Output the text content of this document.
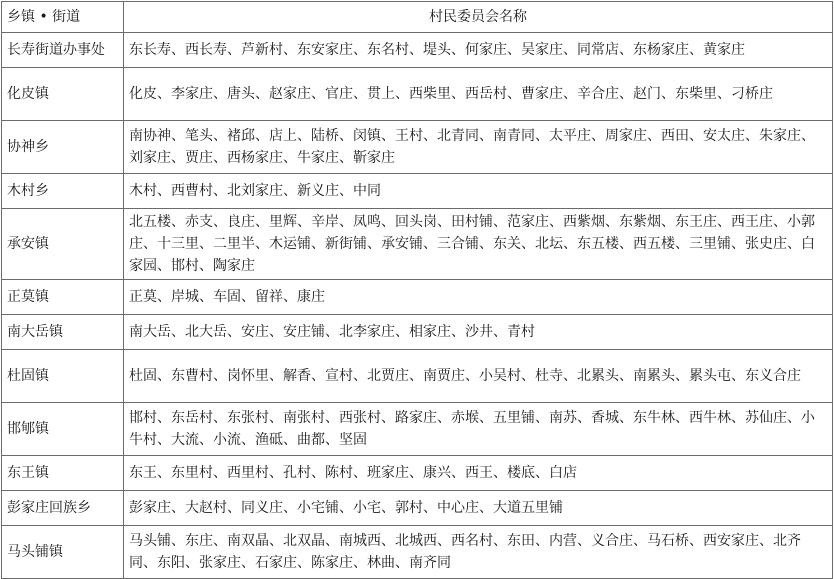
乡镇 • 街道	村民委员会名称
长寿街道办事处	东长寿、西长寿、芦新村、东安家庄、东名村、堤头、何家庄、吴家庄、同常店、东杨家庄、黄家庄
化皮镇	化皮、李家庄、唐头、赵家庄、官庄、贯上、西柴里、西岳村、曹家庄、辛合庄、赵门、东柴里、刁桥庄
协神乡	南协神、笔头、褚邱、店上、陆桥、闵镇、王村、北青同、南青同、太平庄、周家庄、西田、安太庄、朱家庄、刘家庄、贾庄、西杨家庄、牛家庄、靳家庄
木村乡	木村、西曹村、北刘家庄、新义庄、中同
承安镇	北五楼、赤支、良庄、里辉、辛岸、凤鸣、回头岗、田村铺、范家庄、西紫烟、东紫烟、东王庄、西王庄、小郭庄、十三里、二里半、木运铺、新街铺、承安铺、三合铺、东关、北坛、东五楼、西五楼、三里铺、张史庄、白家园、邯村、陶家庄
正莫镇	正莫、岸城、车固、留祥、康庄
南大岳镇	南大岳、北大岳、安庄、安庄铺、北李家庄、相家庄、沙井、青村
杜固镇	杜固、东曹村、岗怀里、解香、宣村、北贾庄、南贾庄、小吴村、杜寺、北累头、南累头、累头屯、东义合庄
邯郇镇	邯村、东岳村、东张村、南张村、西张村、路家庄、赤堠、五里铺、南苏、香城、东牛林、西牛林、苏仙庄、小牛村、大流、小流、渔砥、曲都、坚固
东王镇	东王、东里村、西里村、孔村、陈村、班家庄、康兴、西王、楼底、白店
彭家庄回族乡	彭家庄、大赵村、同义庄、小宅铺、小宅、郭村、中心庄、大道五里铺
马头铺镇	马头铺、东庄、南双晶、北双晶、南城西、北城西、西名村、东田、内营、义合庄、马石桥、西安家庄、北齐同、东阳、张家庄、石家庄、陈家庄、林曲、南齐同
